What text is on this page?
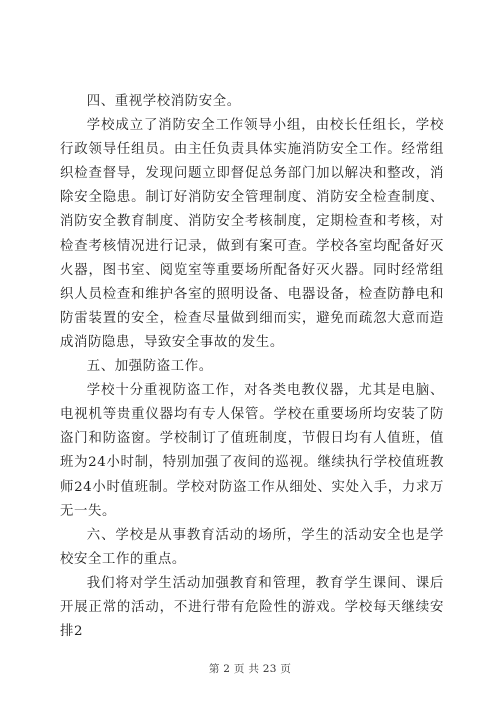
四、重视学校消防安全。

学校成立了消防安全工作领导小组，由校长任组长，学校行政领导任组员。由主任负责具体实施消防安全工作。经常组织检查督导，发现问题立即督促总务部门加以解决和整改，消除安全隐患。制订好消防安全管理制度、消防安全检查制度、消防安全教育制度、消防安全考核制度，定期检查和考核，对检查考核情况进行记录，做到有案可查。学校各室均配备好灭火器，图书室、阅览室等重要场所配备好灭火器。同时经常组织人员检查和维护各室的照明设备、电器设备，检查防静电和防雷装置的安全，检查尽量做到细而实，避免而疏忽大意而造成消防隐患，导致安全事故的发生。

五、加强防盗工作。

学校十分重视防盗工作，对各类电教仪器，尤其是电脑、电视机等贵重仪器均有专人保管。学校在重要场所均安装了防盗门和防盗窗。学校制订了值班制度，节假日均有人值班，值班为24小时制，特别加强了夜间的巡视。继续执行学校值班教师24小时值班制。学校对防盗工作从细处、实处入手，力求万无一失。

六、学校是从事教育活动的场所，学生的活动安全也是学校安全工作的重点。

我们将对学生活动加强教育和管理，教育学生课间、课后开展正常的活动，不进行带有危险性的游戏。学校每天继续安排2

第 2 页 共 23 页
